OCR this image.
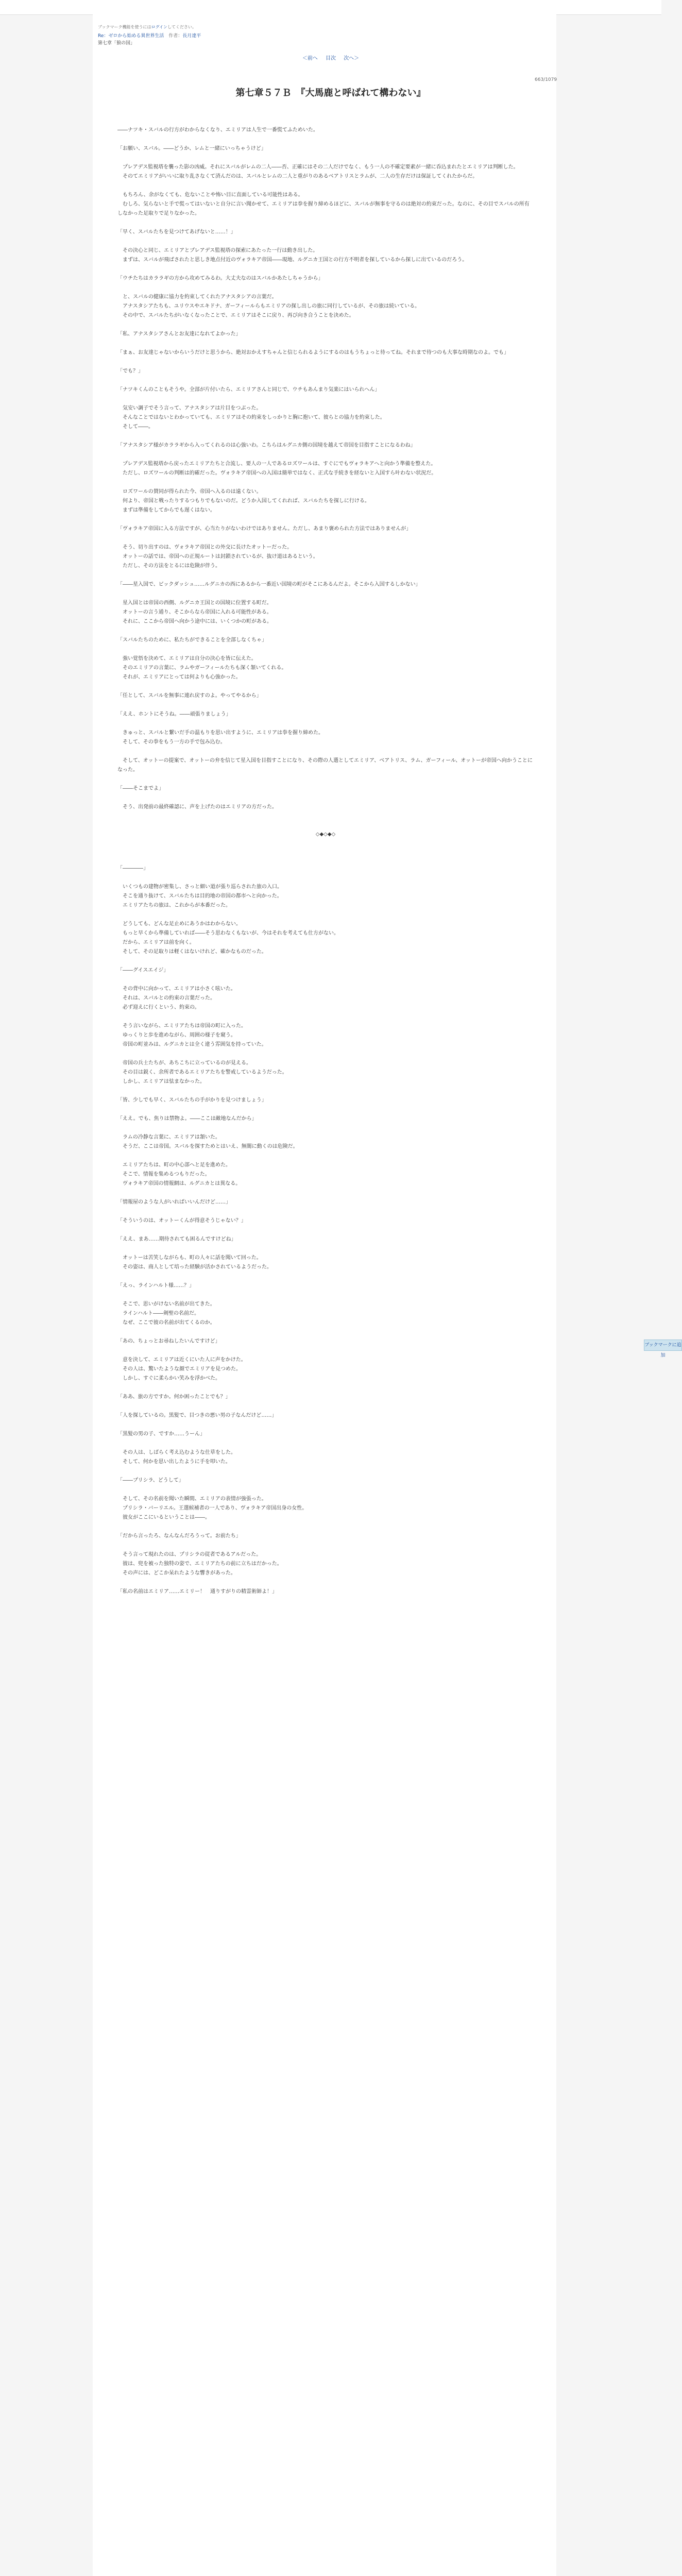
ブックマーク機能を使うにはログインしてください。
Re：ゼロから始める異世界生活 作者：長月達平
第七章「狼の国」
＜前へ 目次 次へ＞
663/1079
第七章５７Ｂ　『大馬鹿と呼ばれて構わない』

――ナツキ・スバルの行方がわからなくなり、エミリアは人生で一番慌てふためいた。

「お願い、スバル。――どうか、レムと一緒にいっちゃうけど」

　プレアデス監視塔を襲った影の凶威。それにスバルがレムの二人――否、正確にはその二人だけでなく、もう一人の不確定要素が一緒に呑込まれたとエミリアは判断した。
　そのてエミリアがいいに取り乱さなくて済んだのは、スバルとレムの二人と重がりのあるベアトリスとラムが、二人の生存だけは保証してくれたからだ。

　もちろん、余がなくても、危ないことや怖い目に直面している可能性はある。
　むしろ、気らないと手で慌ってはいないと自分に言い聞かせて、エミリアは拳を握り締めるほどに、スバルが無事を守るのは絶対の約束だった。なのに、その目でスバルの所有しなかった足取りで足りなかった。

「早く、スバルたちを見つけてあげないと……！」

　その決心と同じ、エミリアとプレアデス監視塔の探索にあたった一行は動き出した。
　まずは、スバルが飛ばされたと思しき地点付近のヴォラキア帝国――現地、ルグニカ王国との行方不明者を探しているから探しに出ているのだろう。

「ウチたちはカララギの方から攻めてみるわ。大丈夫なのはスバルかあたしちゃうから」

　と、スバルの健康に協力を約束してくれたアナスタシアの言葉だ。
　アナスタシアたちも、ユリウスやエキドナ、ガーフィールらもエミリアの探し出しの旅に同行しているが、その旅は続いている。
　その中で、スバルたちがいなくなったことで、エミリアはそこに戻り、再び向き合うことを決めた。

「私、アナスタシアさんとお友達になれてよかった」

「まぁ、お友達じゃないからいうだけと思うから、絶対おかえすちゃんと信じられるようにするのはもうちょっと待ってね。それまで待つのも大事な時期なのよ。でも」

「でも？」

「ナツキくんのこともそうや。全部が片付いたら、エミリアさんと同じで、ウチもあんまり気楽にはいられへん」

　気安い調子でそう言って、アナスタシアは片目をつぶった。
　そんなことではないとわかっていても、エミリアはその約束をしっかりと胸に抱いて、彼らとの協力を約束した。
　そして――。

「アナスタシア様がカララギから入ってくれるのは心強いわ。こちらはルグニカ側の国境を越えて帝国を目指すことになるわね」

　プレアデス監視塔から戻ったエミリアたちと合流し、要人の一人であるロズワールは、すぐにでもヴォラキアへと向かう準備を整えた。
　ただし、ロズワールの判断は的確だった。ヴォラキア帝国への入国は簡単ではなく、正式な手続きを経ないと入国すら叶わない状況だ。

　ロズワールの賛同が得られた今、帝国へ入るのは遠くない。
　何より、帝国と戦ったりするつもりでもないのだ。どうか入国してくれれば、スバルたちを探しに行ける。
　まずは準備をしてからでも遅くはない。

「ヴォラキア帝国に入る方法ですが、心当たりがないわけではありません。ただし、あまり褒められた方法ではありませんが」

　そう、切り出すのは、ヴォラキア帝国との外交に長けたオットーだった。
　オットーの話では、帝国への正規ルートは封鎖されているが、抜け道はあるという。
　ただし、その方法をとるには危険が伴う。

「――星入国で、ビックダッシュ……ルグニカの西にあるから一番近い国境の町がそこにあるんだよ。そこから入国するしかない」

　星入国とは帝国の西側、ルグニカ王国との国境に位置する町だ。
　オットーの言う通り、そこからなら帝国に入れる可能性がある。
　それに、ここから帝国へ向かう途中には、いくつかの町がある。

「スバルたちのために、私たちができることを全部しなくちゃ」

　強い覚悟を決めて、エミリアは自分の決心を皆に伝えた。
　そのエミリアの言葉に、ラムやガーフィールたちも深く頷いてくれる。
　それが、エミリアにとっては何よりも心強かった。

「任として、スバルを無事に連れ戻すのよ。やってやるから」

「ええ、ホントにそうね。――頑張りましょう」

　きゅっと、スバルと繋いだ手の温もりを思い出すように、エミリアは拳を握り締めた。
　そして、その拳をもう一方の手で包み込む。

　そして、オットーの提案で、オットーの弁を信じて星入国を目指すことになり、その際の人選としてエミリア、ベアトリス、ラム、ガーフィール、オットーが帝国へ向かうことになった。

「――そこまでよ」

　そう、出発前の最終確認に、声を上げたのはエミリアの方だった。

◇◆◇◆◇

「――――」

　いくつもの建物が密集し、さっと細い道が張り巡らされた旅の入口。
　そこを通り抜けて、スバルたちは目的地の帝国の都市へと向かった。
　エミリアたちの旅は、これからが本番だった。

　どうしても、どんな足止めにあうかはわからない。
　もっと早くから準備していれば――そう思わなくもないが、今はそれを考えても仕方がない。
　だから、エミリアは前を向く。
　そして、その足取りは軽くはないけれど、確かなものだった。

「――グイスエイジ」

　その背中に向かって、エミリアは小さく呟いた。
　それは、スバルとの約束の言葉だった。
　必ず迎えに行くという、約束の。

　そう言いながら、エミリアたちは帝国の町に入った。
　ゆっくりと歩を進めながら、周囲の様子を窺う。
　帝国の町並みは、ルグニカとは全く違う雰囲気を持っていた。

　帝国の兵士たちが、あちこちに立っているのが見える。
　その目は鋭く、余所者であるエミリアたちを警戒しているようだった。
　しかし、エミリアは怯まなかった。

「皆、少しでも早く、スバルたちの手がかりを見つけましょう」

「ええ。でも、焦りは禁物よ。――ここは敵地なんだから」

　ラムの冷静な言葉に、エミリアは頷いた。
　そうだ、ここは帝国。スバルを探すためとはいえ、無闇に動くのは危険だ。

　エミリアたちは、町の中心部へと足を進めた。
　そこで、情報を集めるつもりだった。
　ヴォラキア帝国の情報網は、ルグニカとは異なる。

「情報屋のような人がいればいいんだけど……」

「そういうのは、オットーくんが得意そうじゃない？」

「ええ、まあ……期待されても困るんですけどね」

　オットーは苦笑しながらも、町の人々に話を聞いて回った。
　その姿は、商人として培った経験が活かされているようだった。

「えっ、ラインハルト様……？」

　そこで、思いがけない名前が出てきた。
　ラインハルト――剣聖の名前だ。
　なぜ、ここで彼の名前が出てくるのか。

「あの、ちょっとお尋ねしたいんですけど」

　意を決して、エミリアは近くにいた人に声をかけた。
　その人は、驚いたような顔でエミリアを見つめた。
　しかし、すぐに柔らかい笑みを浮かべた。

「ああ、旅の方ですか。何か困ったことでも？」

「人を探しているの。黒髪で、目つきの悪い男の子なんだけど……」

「黒髪の男の子、ですか……うーん」

　その人は、しばらく考え込むような仕草をした。
　そして、何かを思い出したように手を叩いた。

「――プリシラ、どうして」

　そして、その名前を聞いた瞬間、エミリアの表情が強張った。
　プリシラ・バーリエル。王選候補者の一人であり、ヴォラキア帝国出身の女性。
　彼女がここにいるということは――。

「だから言ったろ、なんなんだろうって。お前たち」

　そう言って現れたのは、プリシラの従者であるアルだった。
　彼は、兜を被った独特の姿で、エミリアたちの前に立ちはだかった。
　その声には、どこか呆れたような響きがあった。

「私の名前はエミリア……エミリー！　通りすがりの精霊術師よ！」

ブックマークに追加
